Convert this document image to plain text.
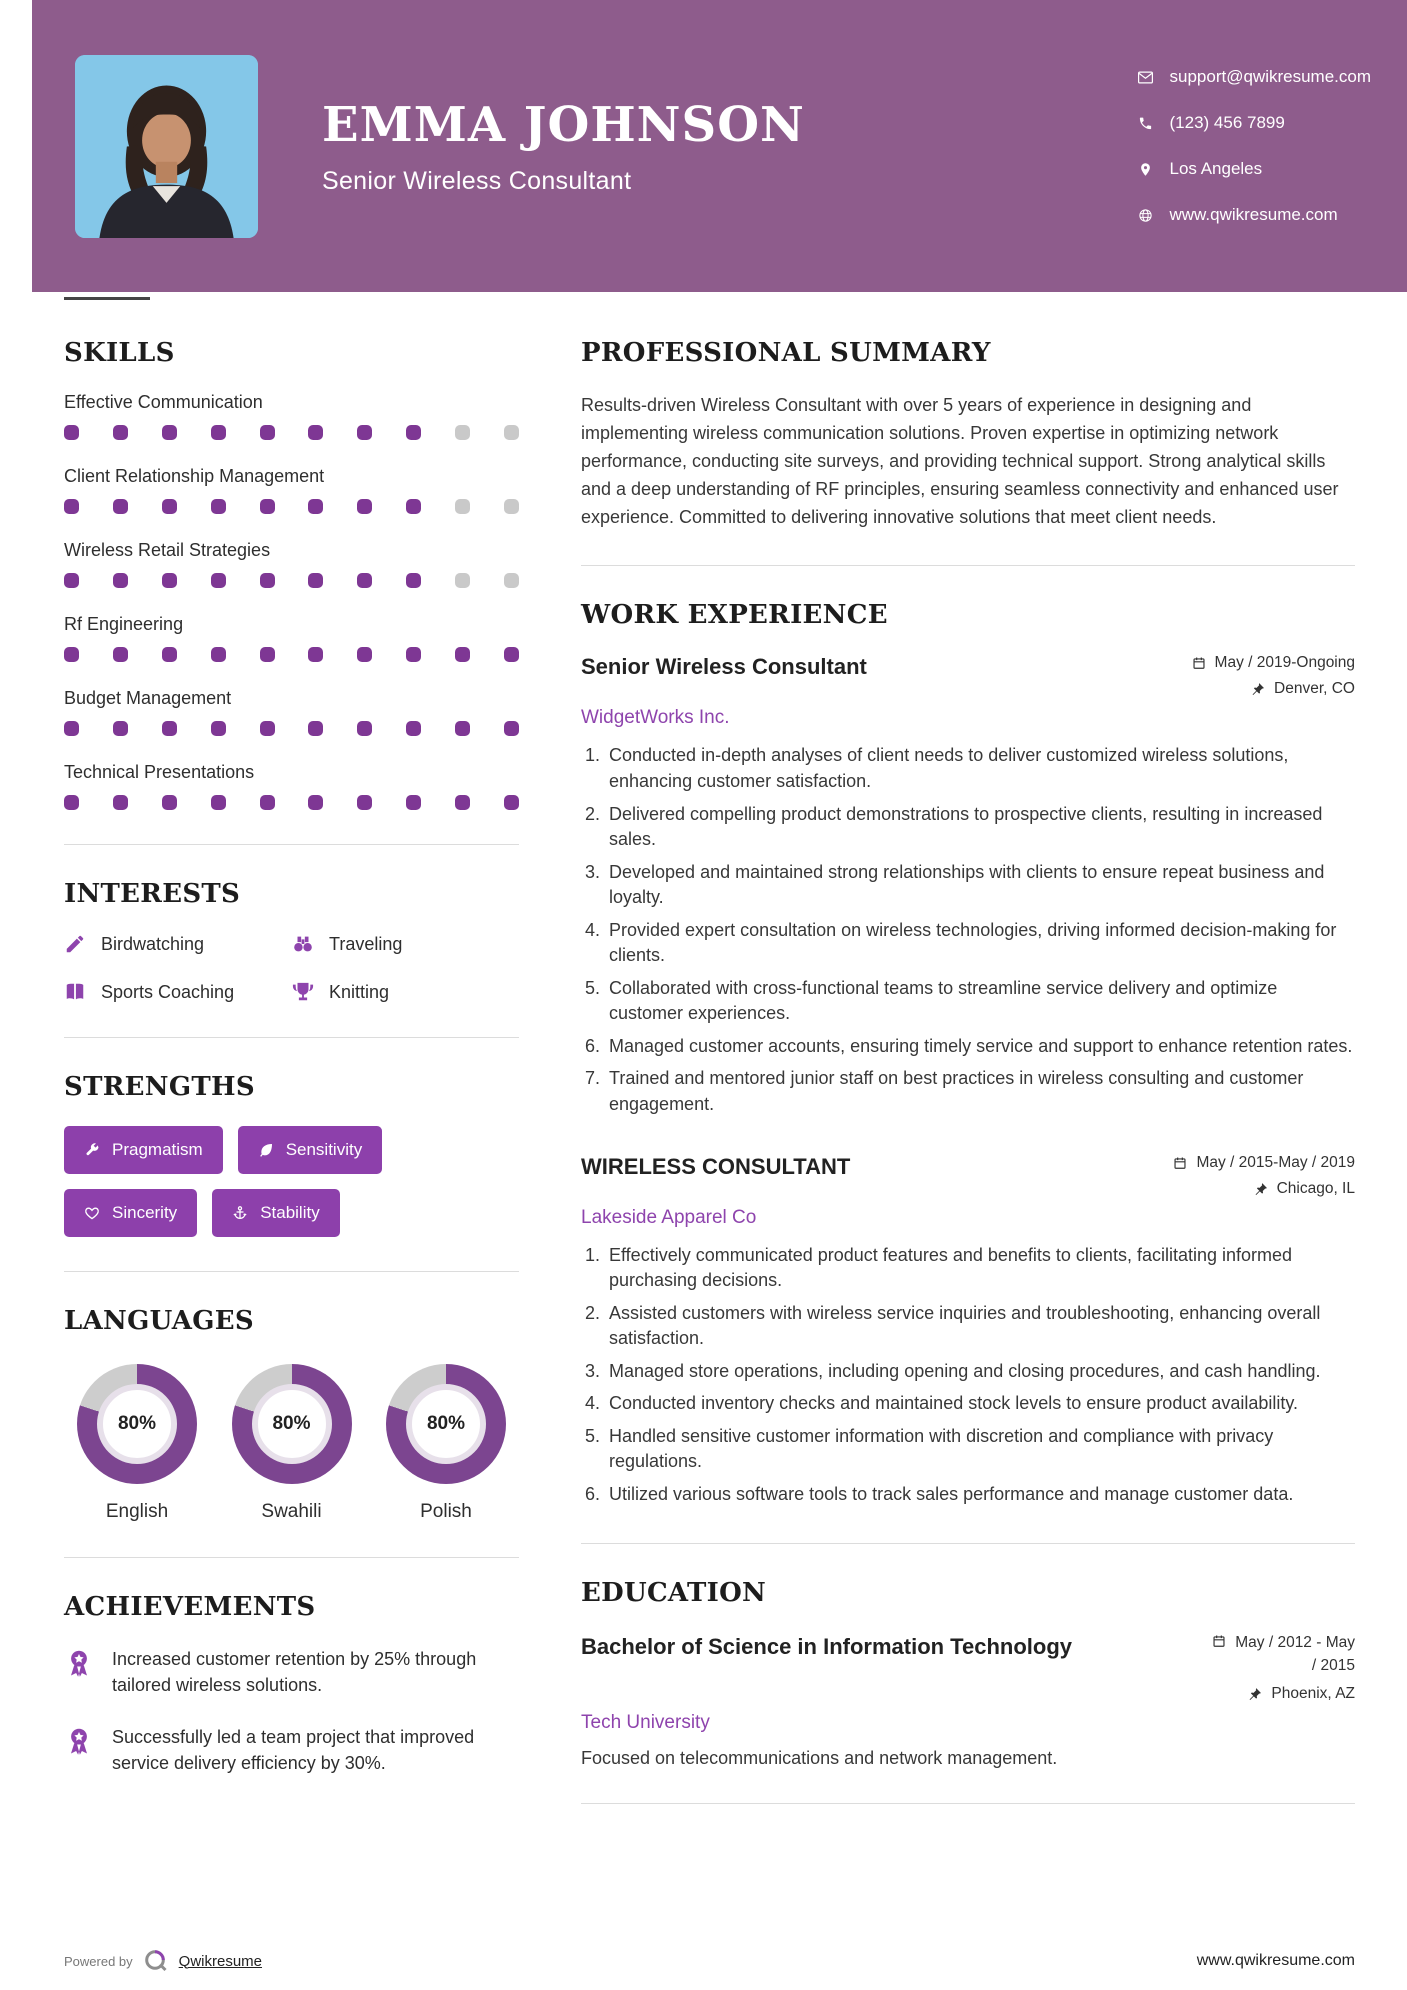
EMMA JOHNSON
Senior Wireless Consultant
support@qwikresume.com
(123) 456 7899
Los Angeles
www.qwikresume.com
SKILLS
Effective Communication
Client Relationship Management
Wireless Retail Strategies
Rf Engineering
Budget Management
Technical Presentations
INTERESTS
Birdwatching	Traveling
Sports Coaching	Knitting
STRENGTHS
Pragmatism	Sensitivity
Sincerity	Stability
LANGUAGES
80%
English
80%
Swahili
80%
Polish
ACHIEVEMENTS
Increased customer retention by 25% through tailored wireless solutions.
Successfully led a team project that improved service delivery efficiency by 30%.
PROFESSIONAL SUMMARY

Results-driven Wireless Consultant with over 5 years of experience in designing and implementing wireless communication solutions. Proven expertise in optimizing network performance, conducting site surveys, and providing technical support. Strong analytical skills and a deep understanding of RF principles, ensuring seamless connectivity and enhanced user experience. Committed to delivering innovative solutions that meet client needs.

WORK EXPERIENCE
Senior Wireless Consultant	May / 2019-Ongoing
Denver, CO
WidgetWorks Inc.
1. Conducted in-depth analyses of client needs to deliver customized wireless solutions, enhancing customer satisfaction.
2. Delivered compelling product demonstrations to prospective clients, resulting in increased sales.
3. Developed and maintained strong relationships with clients to ensure repeat business and loyalty.
4. Provided expert consultation on wireless technologies, driving informed decision-making for clients.
5. Collaborated with cross-functional teams to streamline service delivery and optimize customer experiences.
6. Managed customer accounts, ensuring timely service and support to enhance retention rates.
7. Trained and mentored junior staff on best practices in wireless consulting and customer engagement.
WIRELESS CONSULTANT	May / 2015-May / 2019
Chicago, IL
Lakeside Apparel Co
1. Effectively communicated product features and benefits to clients, facilitating informed purchasing decisions.
2. Assisted customers with wireless service inquiries and troubleshooting, enhancing overall satisfaction.
3. Managed store operations, including opening and closing procedures, and cash handling.
4. Conducted inventory checks and maintained stock levels to ensure product availability.
5. Handled sensitive customer information with discretion and compliance with privacy regulations.
6. Utilized various software tools to track sales performance and manage customer data.
EDUCATION
Bachelor of Science in Information Technology	May / 2012 - May / 2015
Phoenix, AZ
Tech University

Focused on telecommunications and network management.

Powered by	Qwikresume	www.qwikresume.com
